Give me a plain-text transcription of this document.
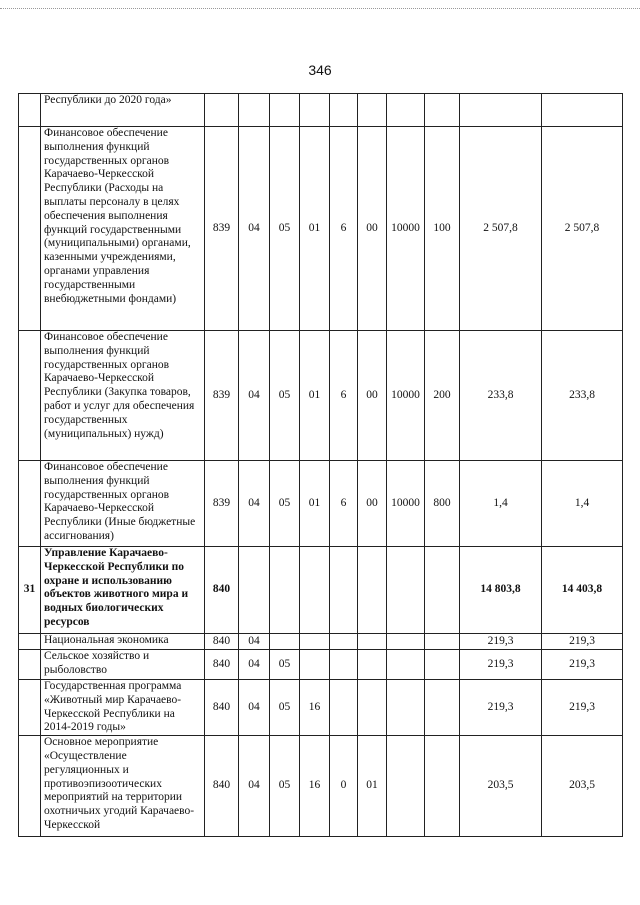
346
	Республики до 2020 года»										
	Финансовое обеспечение выполнения функций государственных органов Карачаево-Черкесской Республики (Расходы на выплаты персоналу в целях обеспечения выполнения функций государственными (муниципальными) органами, казенными учреждениями, органами управления государственными внебюджетными фондами)	839	04	05	01	6	00	10000	100	2 507,8	2 507,8
	Финансовое обеспечение выполнения функций государственных органов Карачаево-Черкесской Республики (Закупка товаров, работ и услуг для обеспечения государственных (муниципальных) нужд)	839	04	05	01	6	00	10000	200	233,8	233,8
	Финансовое обеспечение выполнения функций государственных органов Карачаево-Черкесской Республики (Иные бюджетные ассигнования)	839	04	05	01	6	00	10000	800	1,4	1,4
31	Управление Карачаево-Черкесской Республики по охране и использованию объектов животного мира и водных биологических ресурсов	840								14 803,8	14 403,8
	Национальная экономика	840	04							219,3	219,3
	Сельское хозяйство и рыболовство	840	04	05						219,3	219,3
	Государственная программа «Животный мир Карачаево-Черкесской Республики на 2014-2019 годы»	840	04	05	16					219,3	219,3
	Основное мероприятие «Осуществление регуляционных и противоэпизоотических мероприятий на территории охотничьих угодий Карачаево-Черкесской	840	04	05	16	0	01			203,5	203,5
